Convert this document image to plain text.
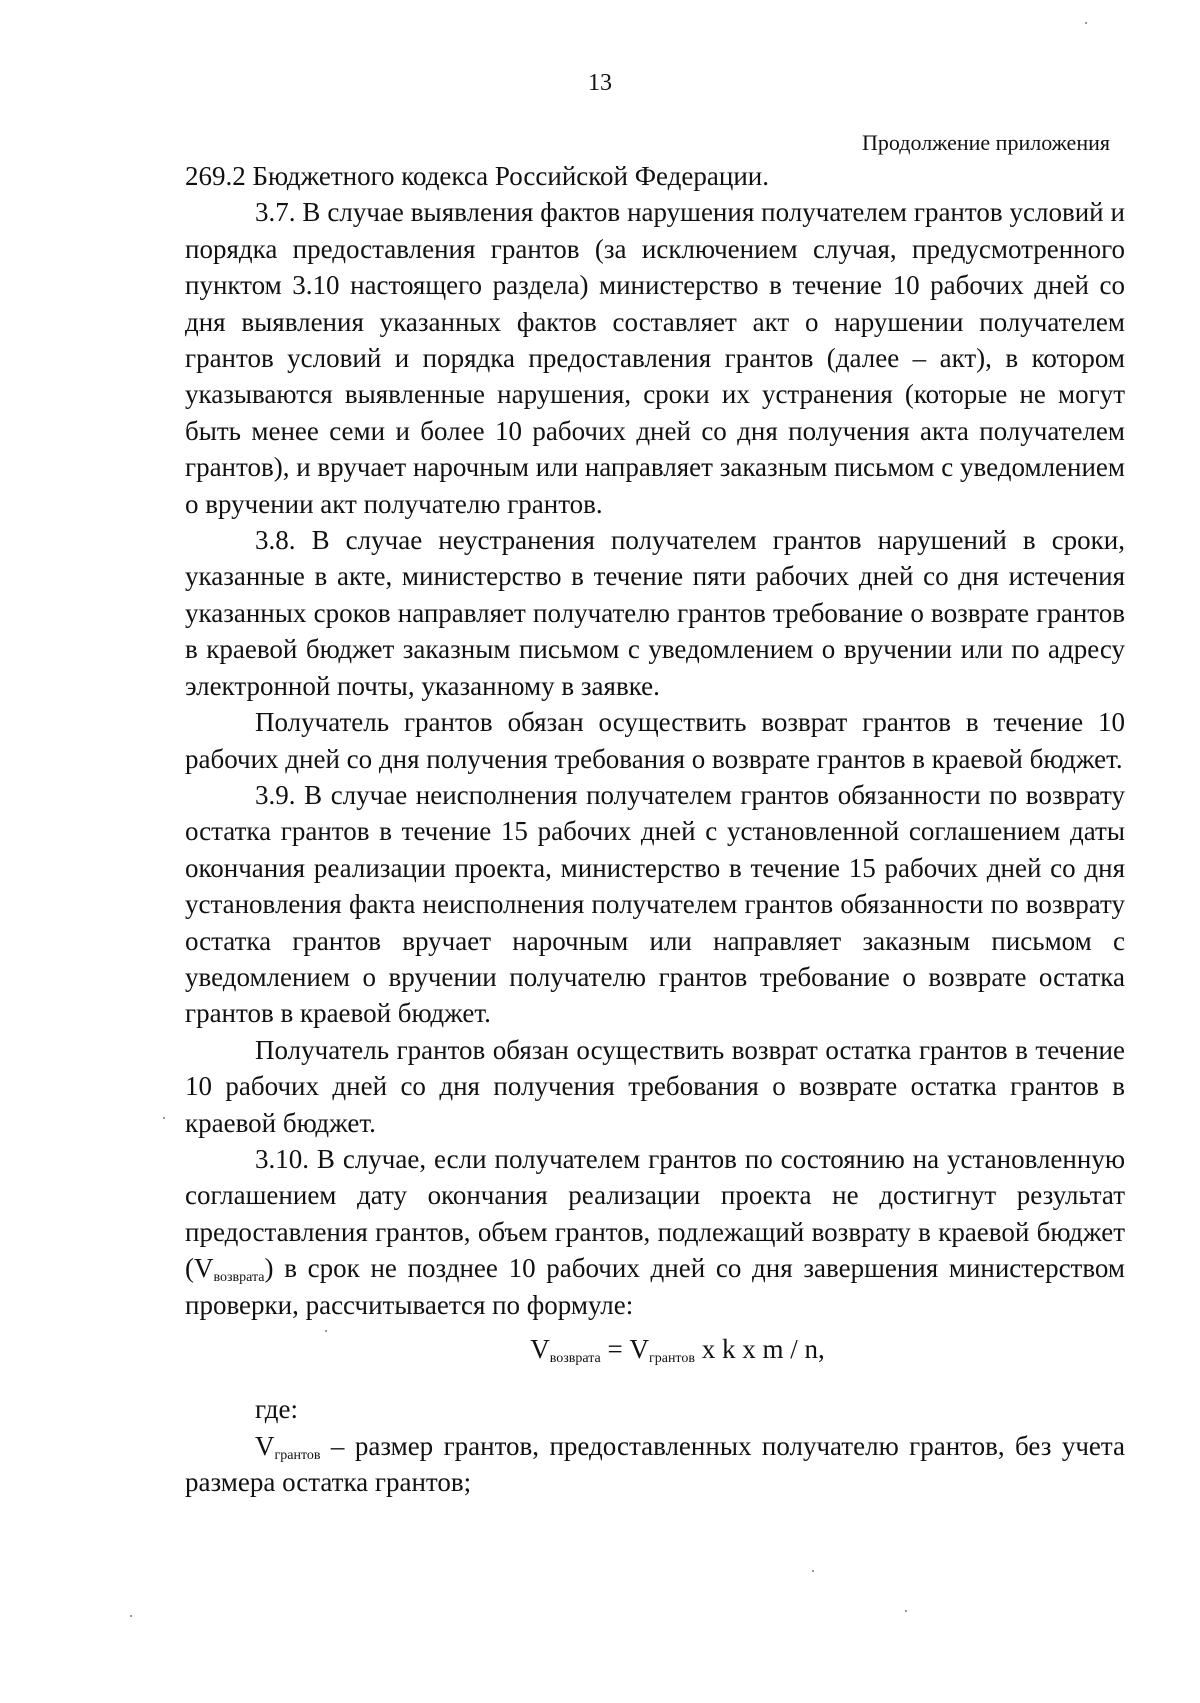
13
Продолжение приложения

269.2 Бюджетного кодекса Российской Федерации.

3.7. В случае выявления фактов нарушения получателем грантов условий и порядка предоставления грантов (за исключением случая, предусмотренного пунктом 3.10 настоящего раздела) министерство в течение 10 рабочих дней со дня выявления указанных фактов составляет акт о нарушении получателем грантов условий и порядка предоставления грантов (далее – акт), в котором указываются выявленные нарушения, сроки их устранения (которые не могут быть менее семи и более 10 рабочих дней со дня получения акта получателем грантов), и вручает нарочным или направляет заказным письмом с уведомлением о вручении акт получателю грантов.

3.8. В случае неустранения получателем грантов нарушений в сроки, указанные в акте, министерство в течение пяти рабочих дней со дня истечения указанных сроков направляет получателю грантов требование о возврате грантов в краевой бюджет заказным письмом с уведомлением о вручении или по адресу электронной почты, указанному в заявке.

Получатель грантов обязан осуществить возврат грантов в течение 10 рабочих дней со дня получения требования о возврате грантов в краевой бюджет.

3.9. В случае неисполнения получателем грантов обязанности по возврату остатка грантов в течение 15 рабочих дней с установленной соглашением даты окончания реализации проекта, министерство в течение 15 рабочих дней со дня установления факта неисполнения получателем грантов обязанности по возврату остатка грантов вручает нарочным или направляет заказным письмом с уведомлением о вручении получателю грантов требование о возврате остатка грантов в краевой бюджет.

Получатель грантов обязан осуществить возврат остатка грантов в течение 10 рабочих дней со дня получения требования о возврате остатка грантов в краевой бюджет.

3.10. В случае, если получателем грантов по состоянию на установленную соглашением дату окончания реализации проекта не достигнут результат предоставления грантов, объем грантов, подлежащий возврату в краевой бюджет $(V_{возврата})$ в срок не позднее 10 рабочих дней со дня завершения министерством проверки, рассчитывается по формуле:

$V_{возврата} = V_{грантов}$ x k x m / n,

где:

$V_{грантов}$ – размер грантов, предоставленных получателю грантов, без учета размера остатка грантов;
